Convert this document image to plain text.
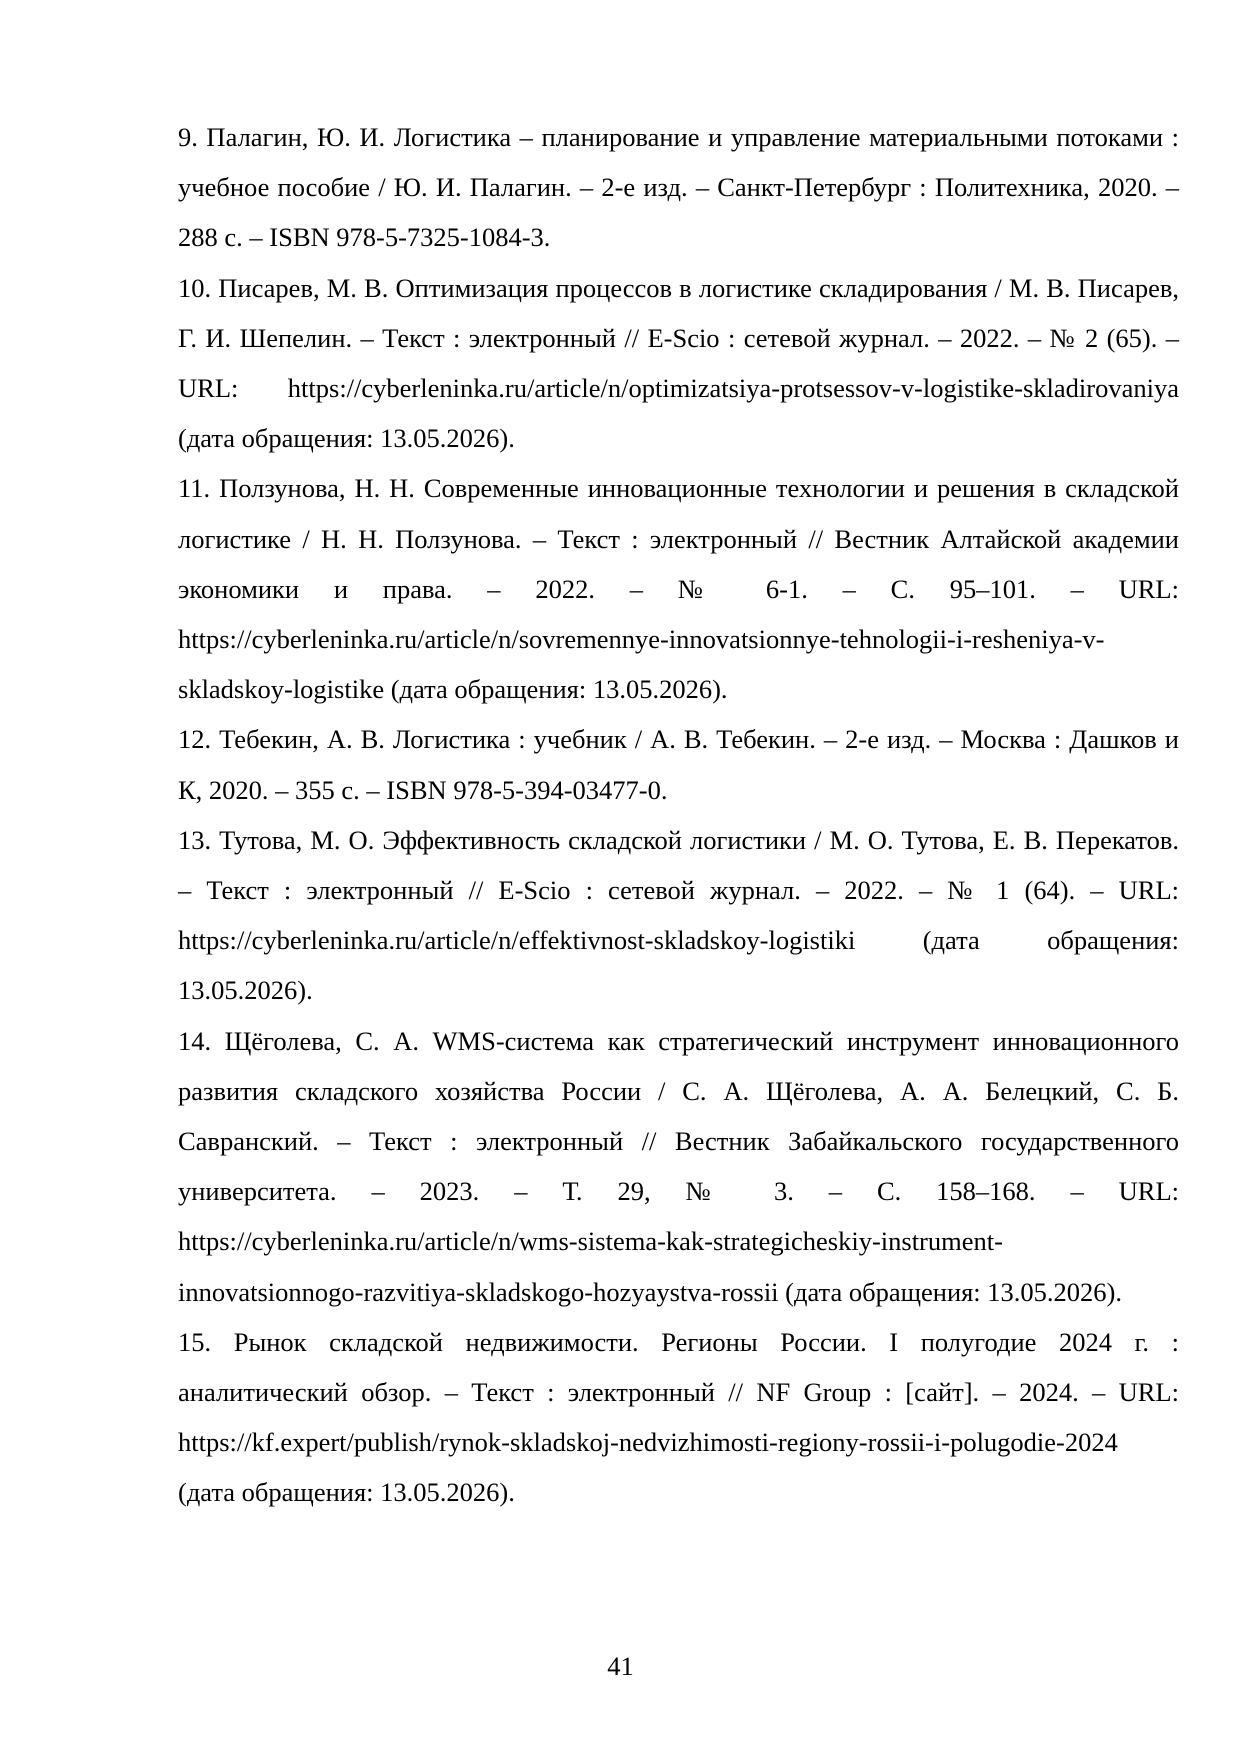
9. Палагин, Ю. И. Логистика – планирование и управление материальными потоками : учебное пособие / Ю. И. Палагин. – 2-е изд. – Санкт-Петербург : Политехника, 2020. – 288 с. – ISBN 978-5-7325-1084-3.

10. Писарев, М. В. Оптимизация процессов в логистике складирования / М. В. Писарев, Г. И. Шепелин. – Текст : электронный // E-Scio : сетевой журнал. – 2022. – № 2 (65). – URL: https://cyberleninka.ru/article/n/optimizatsiya-protsessov-v-logistike-skladirovaniya (дата обращения: 13.05.2026).

11. Ползунова, Н. Н. Современные инновационные технологии и решения в складской логистике / Н. Н. Ползунова. – Текст : электронный // Вестник Алтайской академии экономики и права. – 2022. – № 6-1. – С. 95–101. – URL: https://cyberleninka.ru/article/n/sovremennye-innovatsionnye-tehnologii-i-resheniya-v-skladskoy-logistike (дата обращения: 13.05.2026).

12. Тебекин, А. В. Логистика : учебник / А. В. Тебекин. – 2-е изд. – Москва : Дашков и К, 2020. – 355 с. – ISBN 978-5-394-03477-0.

13. Тутова, М. О. Эффективность складской логистики / М. О. Тутова, Е. В. Перекатов. – Текст : электронный // E-Scio : сетевой журнал. – 2022. – № 1 (64). – URL: https://cyberleninka.ru/article/n/effektivnost-skladskoy-logistiki (дата обращения: 13.05.2026).

14. Щёголева, С. А. WMS-система как стратегический инструмент инновационного развития складского хозяйства России / С. А. Щёголева, А. А. Белецкий, С. Б. Савранский. – Текст : электронный // Вестник Забайкальского государственного университета. – 2023. – Т. 29, № 3. – С. 158–168. – URL: https://cyberleninka.ru/article/n/wms-sistema-kak-strategicheskiy-instrument-innovatsionnogo-razvitiya-skladskogo-hozyaystva-rossii (дата обращения: 13.05.2026).

15. Рынок складской недвижимости. Регионы России. I полугодие 2024 г. : аналитический обзор. – Текст : электронный // NF Group : [сайт]. – 2024. – URL: https://kf.expert/publish/rynok-skladskoj-nedvizhimosti-regiony-rossii-i-polugodie-2024 (дата обращения: 13.05.2026).

41
